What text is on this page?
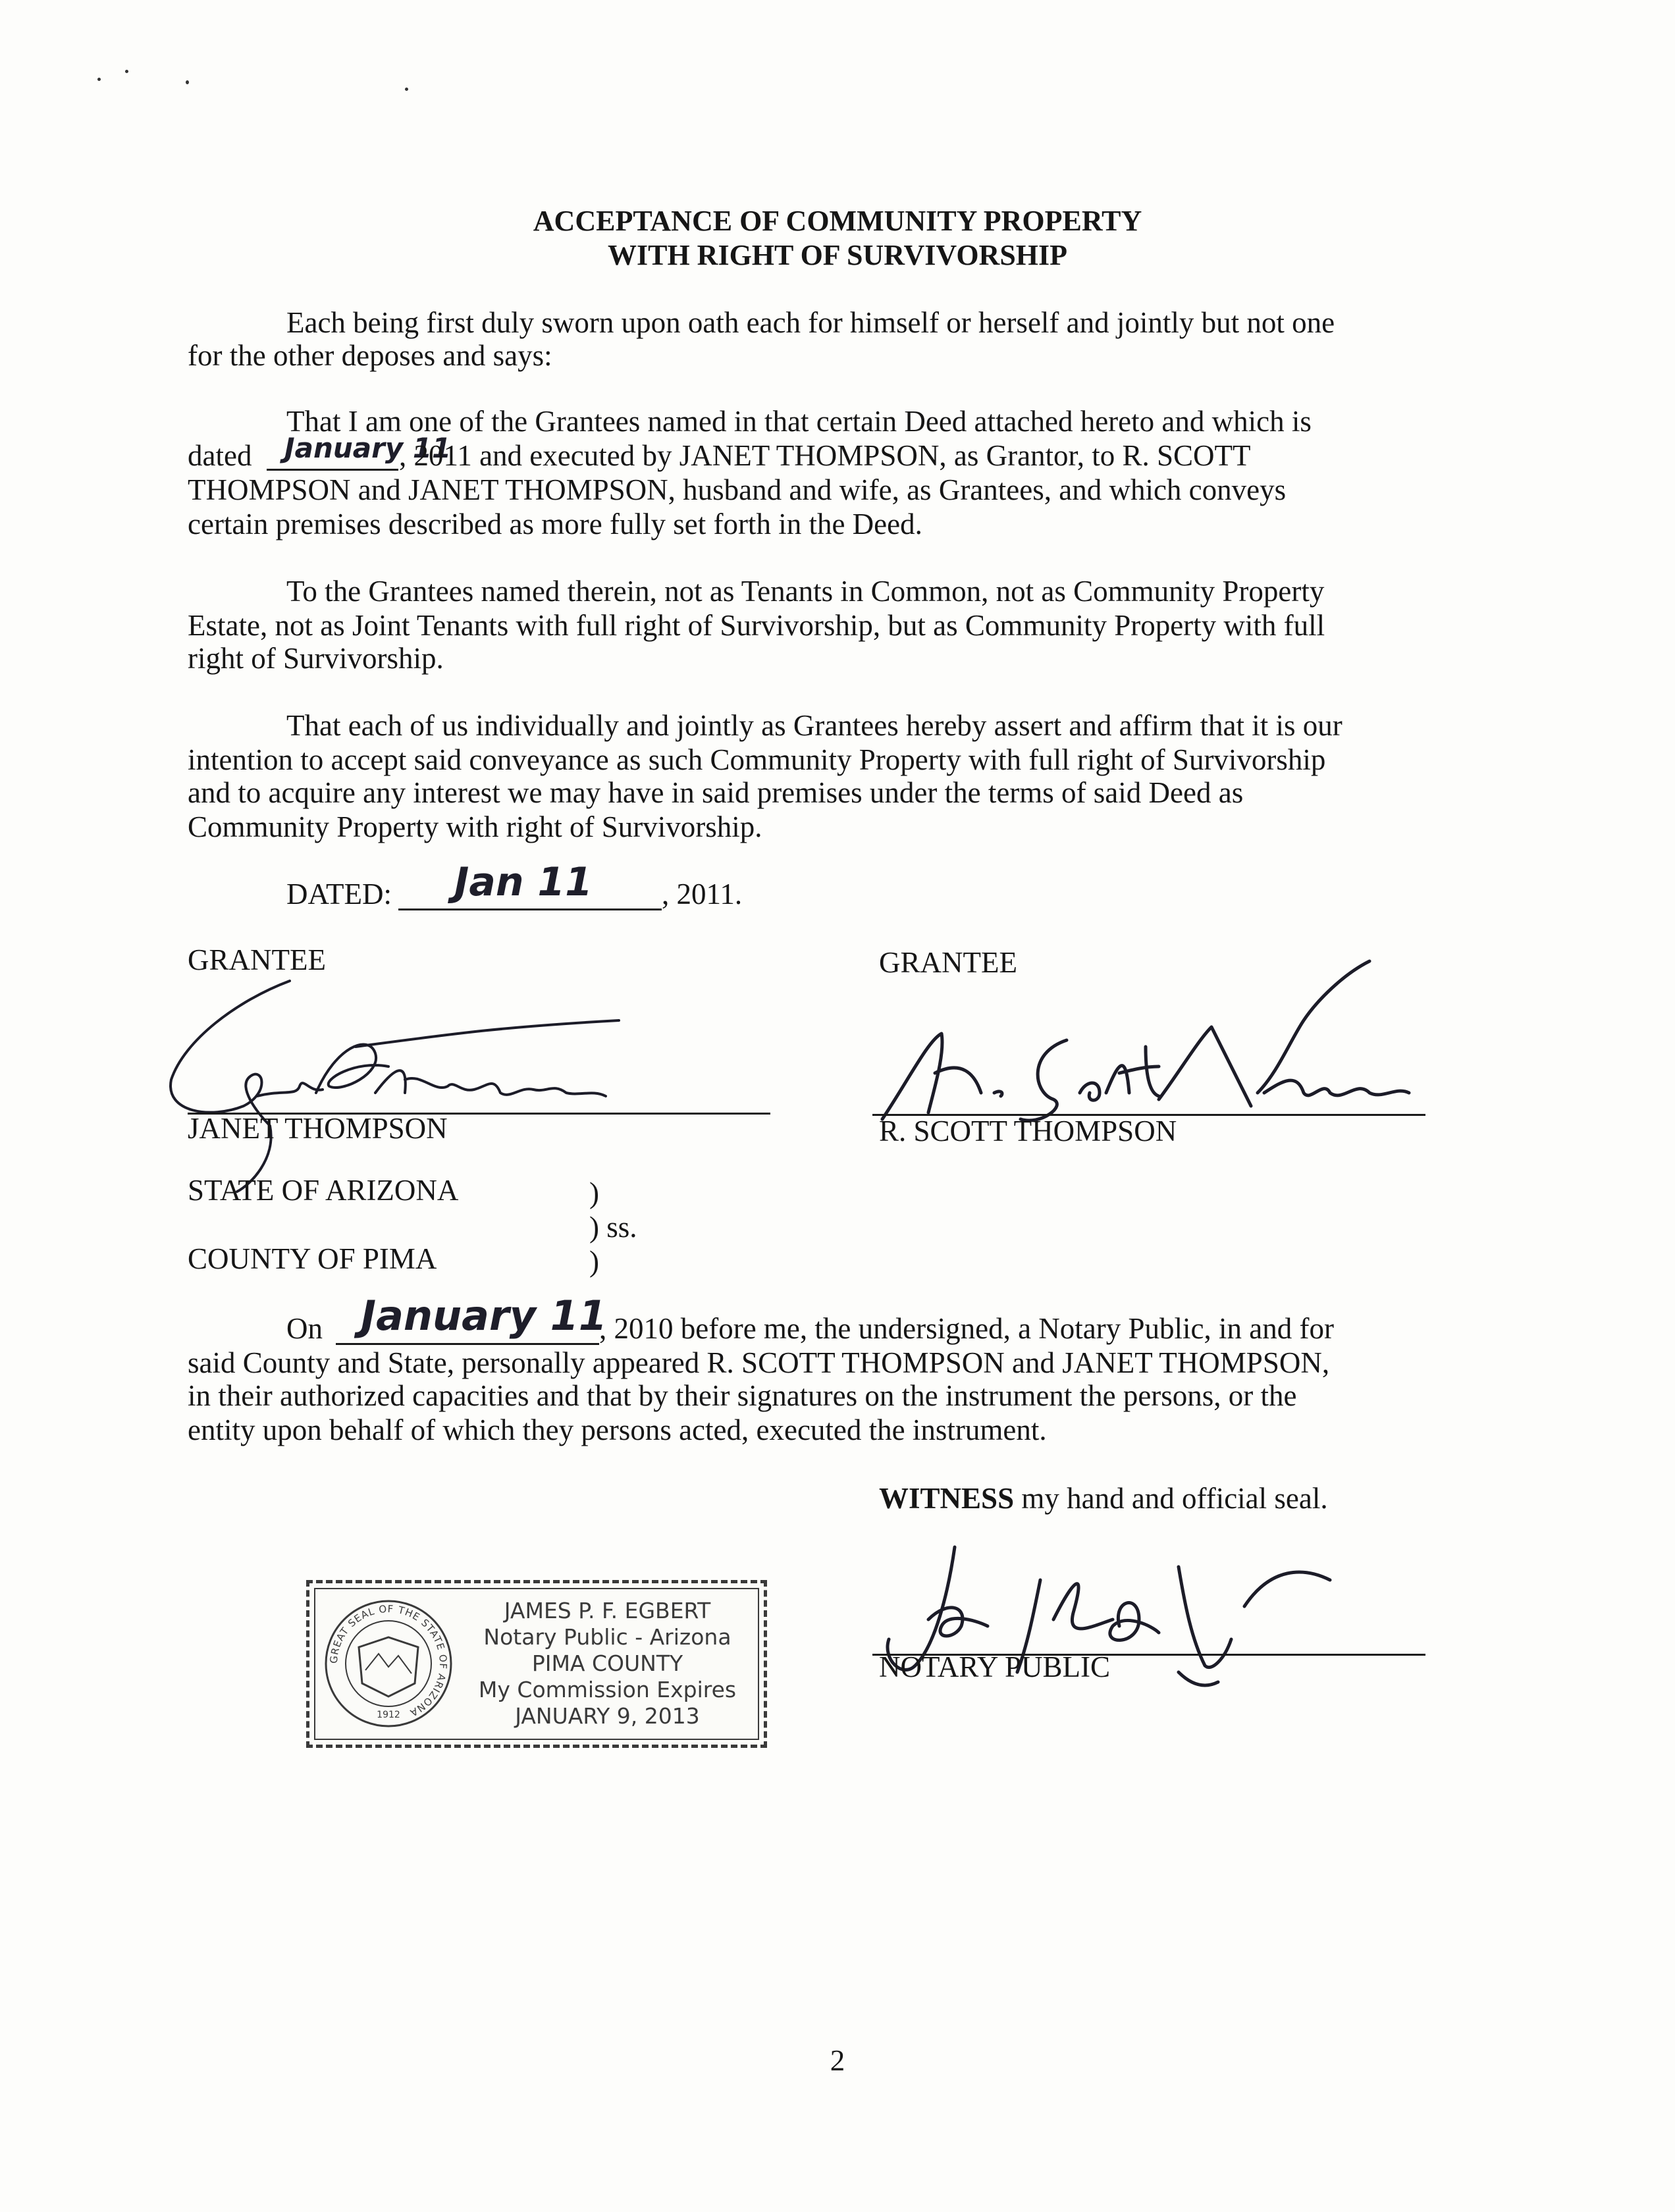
ACCEPTANCE OF COMMUNITY PROPERTY
WITH RIGHT OF SURVIVORSHIP
Each being first duly sworn upon oath each for himself or herself and jointly but not one
for the other deposes and says:
That I am one of the Grantees named in that certain Deed attached hereto and which is
dated January 11
, 2011 and executed by JANET THOMPSON, as Grantor, to R. SCOTT
THOMPSON and JANET THOMPSON, husband and wife, as Grantees, and which conveys
certain premises described as more fully set forth in the Deed.
To the Grantees named therein, not as Tenants in Common, not as Community Property
Estate, not as Joint Tenants with full right of Survivorship, but as Community Property with full
right of Survivorship.
That each of us individually and jointly as Grantees hereby assert and affirm that it is our
intention to accept said conveyance as such Community Property with full right of Survivorship
and to acquire any interest we may have in said premises under the terms of said Deed as
Community Property with right of Survivorship.
DATED: Jan 11 , 2011.
GRANTEE	GRANTEE
JANET THOMPSON	R. SCOTT THOMPSON
STATE OF ARIZONA	)
) ss.
COUNTY OF PIMA	)
On January 11
, 2010 before me, the undersigned, a Notary Public, in and for
said County and State, personally appeared R. SCOTT THOMPSON and JANET THOMPSON,
in their authorized capacities and that by their signatures on the instrument the persons, or the
entity upon behalf of which they persons acted, executed the instrument.
WITNESS my hand and official seal.
NOTARY PUBLIC
GREAT SEAL OF THE STATE OF ARIZONA
1912
JAMES P. F. EGBERT
Notary Public - Arizona
PIMA COUNTY
My Commission Expires
JANUARY 9, 2013
2
